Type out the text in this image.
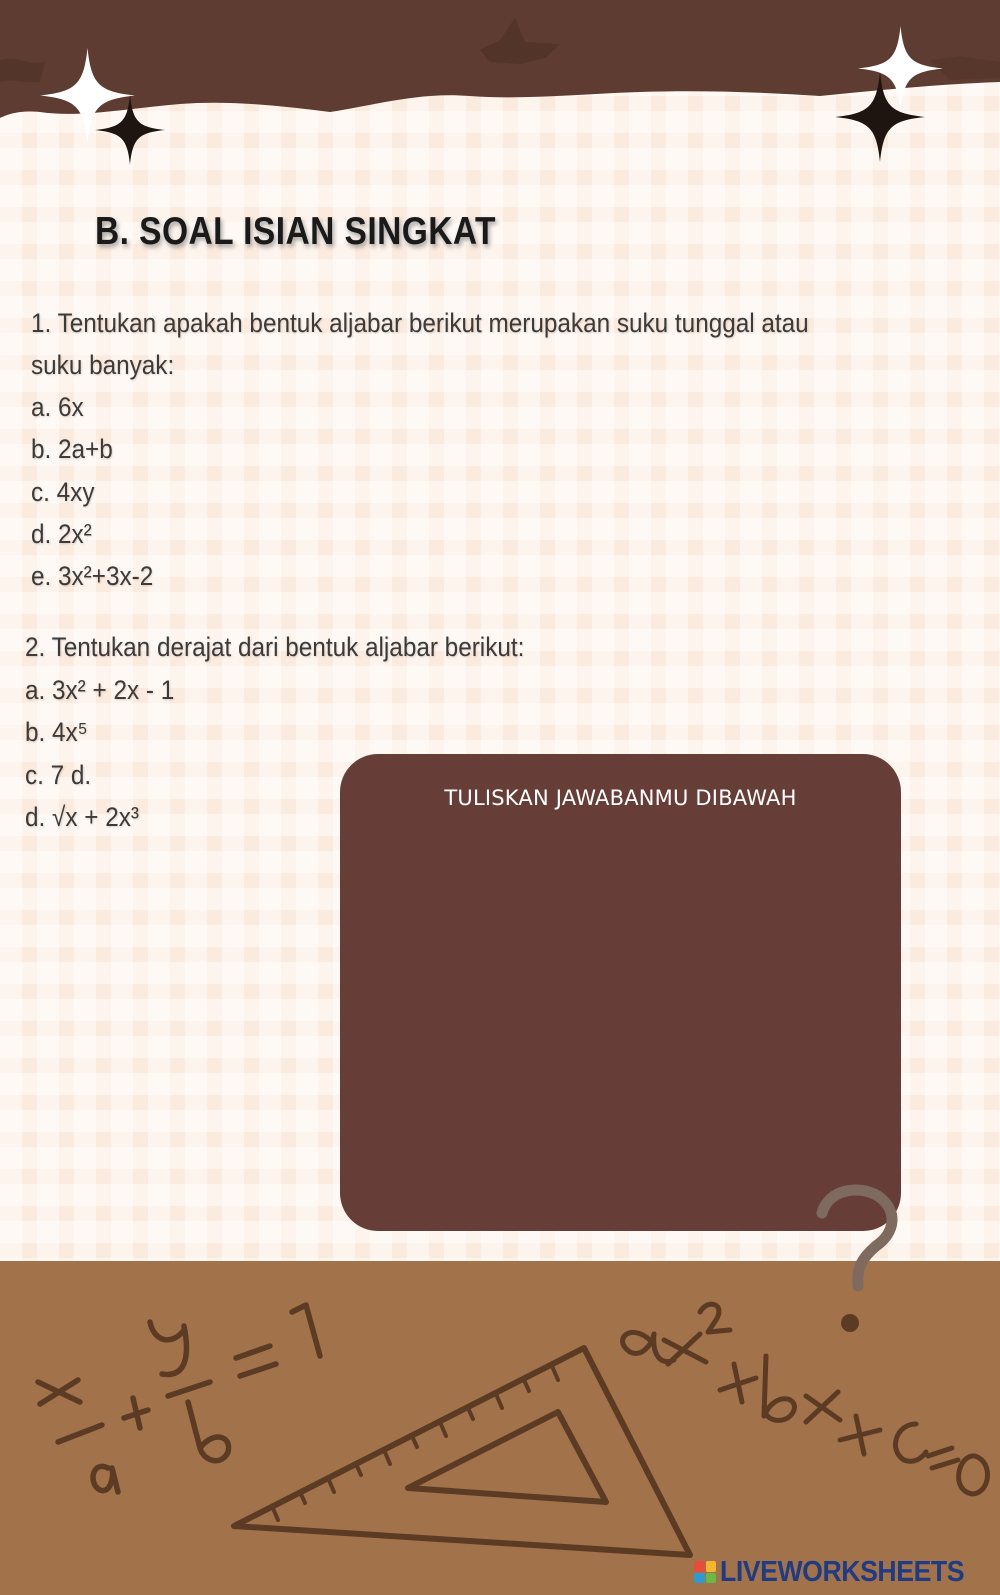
B. SOAL ISIAN SINGKAT

1. Tentukan apakah bentuk aljabar berikut merupakan suku tunggal atau

suku banyak:

a. 6x

b. 2a+b

c. 4xy

d. 2x²

e. 3x²+3x-2

2. Tentukan derajat dari bentuk aljabar berikut:

a. 3x² + 2x - 1

b. 4x⁵

c. 7 d.

d. √x + 2x³

TULISKAN JAWABANMU DIBAWAH
LIVEWORKSHEETS
